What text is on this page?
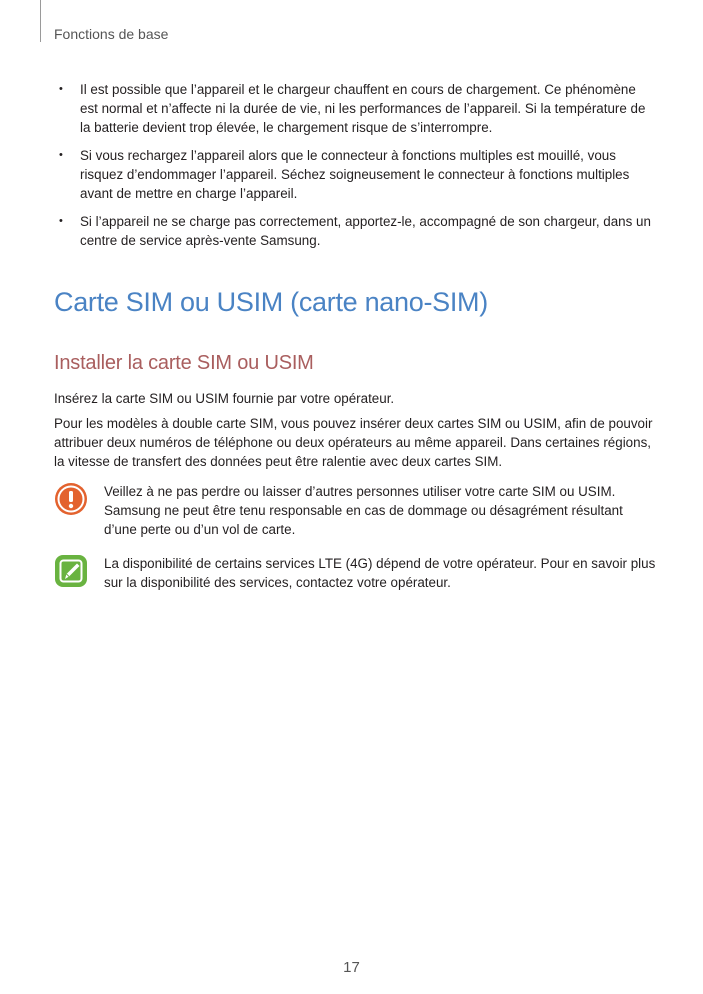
Fonctions de base
• Il est possible que l’appareil et le chargeur chauffent en cours de chargement. Ce phénomène est normal et n’affecte ni la durée de vie, ni les performances de l’appareil. Si la température de la batterie devient trop élevée, le chargement risque de s’interrompre.
• Si vous rechargez l’appareil alors que le connecteur à fonctions multiples est mouillé, vous risquez d’endommager l’appareil. Séchez soigneusement le connecteur à fonctions multiples avant de mettre en charge l’appareil.
• Si l’appareil ne se charge pas correctement, apportez-le, accompagné de son chargeur, dans un centre de service après-vente Samsung.
Carte SIM ou USIM (carte nano-SIM)
Installer la carte SIM ou USIM

Insérez la carte SIM ou USIM fournie par votre opérateur.

Pour les modèles à double carte SIM, vous pouvez insérer deux cartes SIM ou USIM, afin de pouvoir attribuer deux numéros de téléphone ou deux opérateurs au même appareil. Dans certaines régions, la vitesse de transfert des données peut être ralentie avec deux cartes SIM.

Veillez à ne pas perdre ou laisser d’autres personnes utiliser votre carte SIM ou USIM. Samsung ne peut être tenu responsable en cas de dommage ou désagrément résultant d’une perte ou d’un vol de carte.

La disponibilité de certains services LTE (4G) dépend de votre opérateur. Pour en savoir plus sur la disponibilité des services, contactez votre opérateur.

17
